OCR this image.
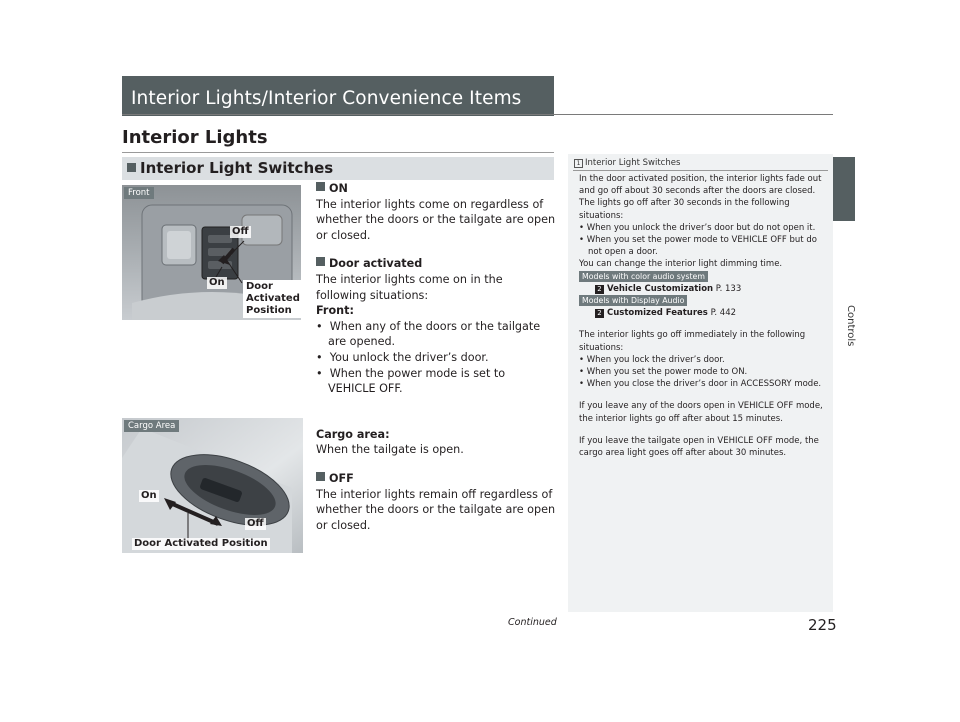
Interior Lights/Interior Convenience Items
Interior Lights
Interior Light Switches
Controls
Front
Off
On Door
Activated
Position
Cargo Area
On
Off
Door Activated Position

ON

The interior lights come on regardless of whether the doors or the tailgate are open or closed.

Door activated

The interior lights come on in the following situations:

Front:

•  When any of the doors or the tailgate are opened.

•  You unlock the driver’s door.

•  When the power mode is set to VEHICLE OFF.

Cargo area:

When the tailgate is open.

OFF

The interior lights remain off regardless of whether the doors or the tailgate are open or closed.

1 Interior Light Switches

In the door activated position, the interior lights fade out and go off about 30 seconds after the doors are closed.

The lights go off after 30 seconds in the following situations:

• When you unlock the driver’s door but do not open it.

• When you set the power mode to VEHICLE OFF but do not open a door.

You can change the interior light dimming time.

Models with color audio system

2 Vehicle Customization P. 133

Models with Display Audio

2 Customized Features P. 442

The interior lights go off immediately in the following situations:

• When you lock the driver’s door.

• When you set the power mode to ON.

• When you close the driver’s door in ACCESSORY mode.

If you leave any of the doors open in VEHICLE OFF mode, the interior lights go off after about 15 minutes.

If you leave the tailgate open in VEHICLE OFF mode, the cargo area light goes off after about 30 minutes.

Continued	225
